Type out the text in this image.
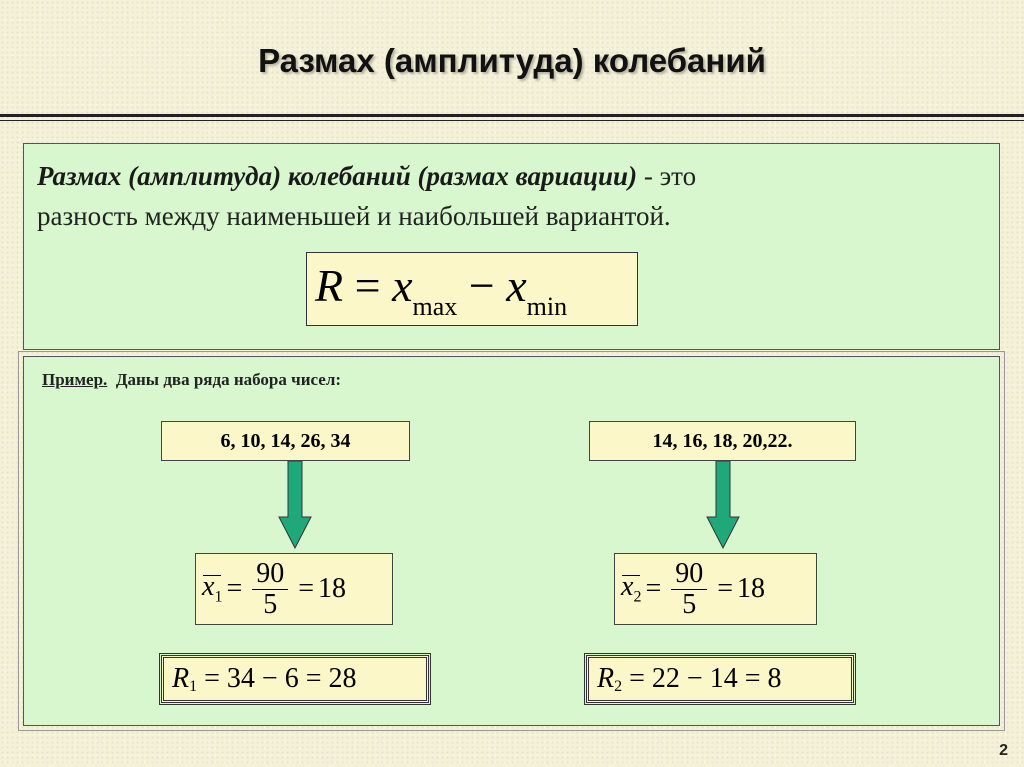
Размах (амплитуда) колебаний
Размах (амплитуда) колебаний (размах вариации) - это
разность между наименьшей и наибольшей вариантой.
$R = x_{max} - x_{min}$
Пример. Даны два ряда набора чисел:
6, 10, 14, 26, 34
$x_1 = \frac{90}{5} = 18$
$R_1 = 34 - 6 = 28$
14, 16, 18, 20,22.
$x_2 = \frac{90}{5} = 18$
$R_2 = 22 - 14 = 8$
2
